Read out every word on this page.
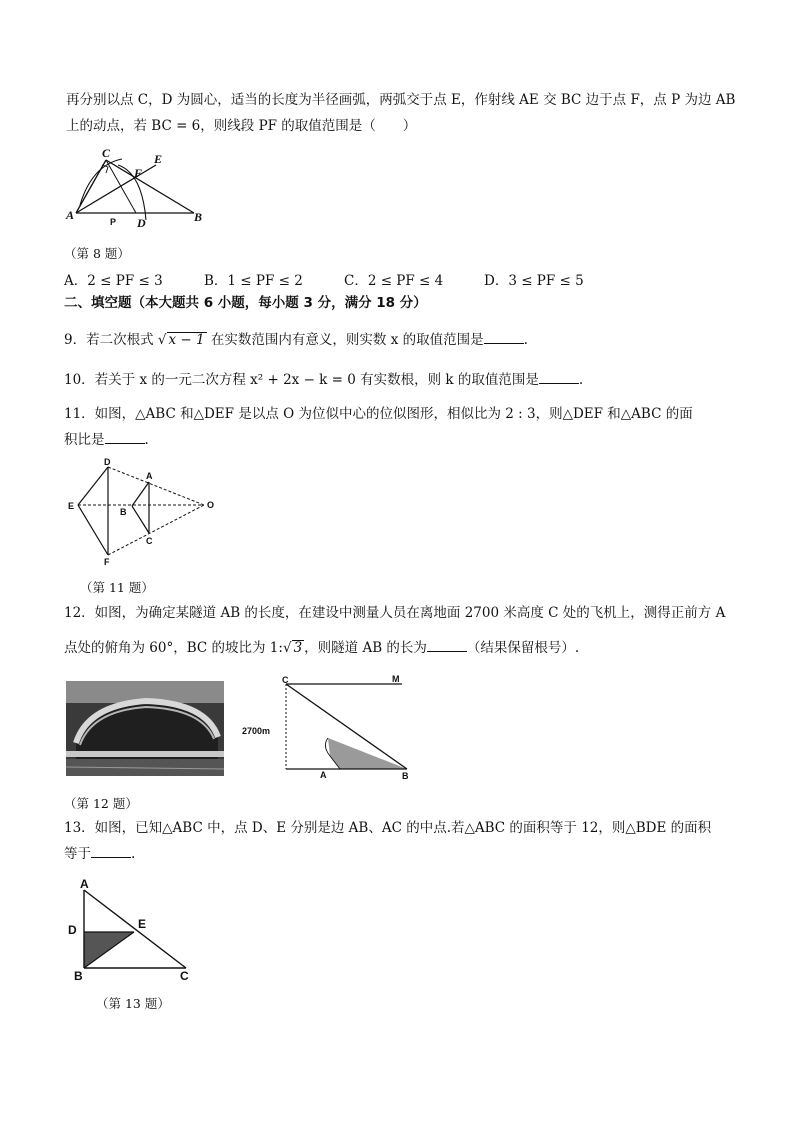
再分别以点 C，D 为圆心，适当的长度为半径画弧，两弧交于点 E，作射线 AE 交 BC 边于点 F，点 P 为边 AB
上的动点，若 BC = 6，则线段 PF 的取值范围是（　　）
C	E
F
A	P D	B
（第 8 题）
A．2 ≤ PF ≤ 3	B．1 ≤ PF ≤ 2	C．2 ≤ PF ≤ 4	D．3 ≤ PF ≤ 5
二、填空题（本大题共 6 小题，每小题 3 分，满分 18 分）
9．若二次根式 √ x − 1 在实数范围内有意义，则实数 x 的取值范围是	.
10．若关于 x 的一元二次方程 x² + 2x − k = 0 有实数根，则 k 的取值范围是	.
11．如图，△ABC 和△DEF 是以点 O 为位似中心的位似图形，相似比为 2 : 3，则△DEF 和△ABC 的面
积比是	.
D
E
F
A
B
C
O
（第 11 题）
12．如图，为确定某隧道 AB 的长度，在建设中测量人员在离地面 2700 米高度 C 处的飞机上，测得正前方 A
点处的俯角为 60°，BC 的坡比为 1:√ 3 ，则隧道 AB 的长为	（结果保留根号）.
C	M
2700m
A	B
（第 12 题）
13．如图，已知△ABC 中，点 D、E 分别是边 AB、AC 的中点.若△ABC 的面积等于 12，则△BDE 的面积
等于	.
A
D	E
B	C
（第 13 题）
